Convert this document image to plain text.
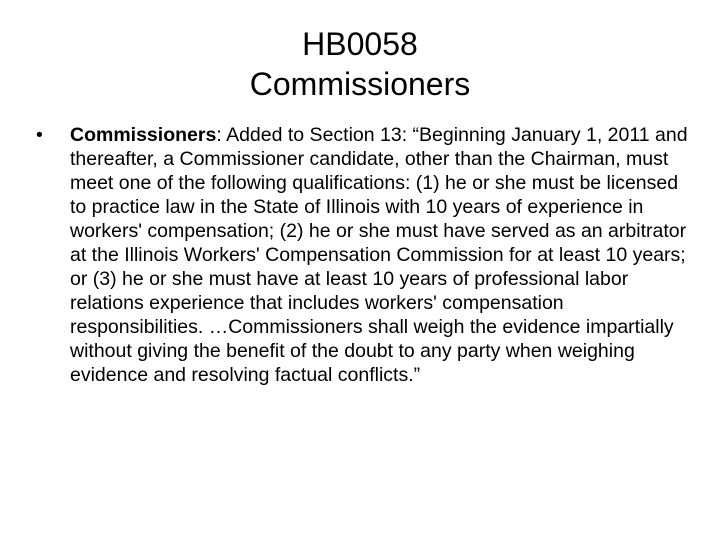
HB0058
Commissioners
•	Commissioners: Added to Section 13: “Beginning January 1, 2011 and thereafter, a Commissioner candidate, other than the Chairman, must meet one of the following qualifications: (1) he or she must be licensed to practice law in the State of Illinois with 10 years of experience in workers' compensation; (2) he or she must have served as an arbitrator at the Illinois Workers' Compensation Commission for at least 10 years; or (3) he or she must have at least 10 years of professional labor relations experience that includes workers' compensation responsibilities. …Commissioners shall weigh the evidence impartially without giving the benefit of the doubt to any party when weighing evidence and resolving factual conflicts.”
